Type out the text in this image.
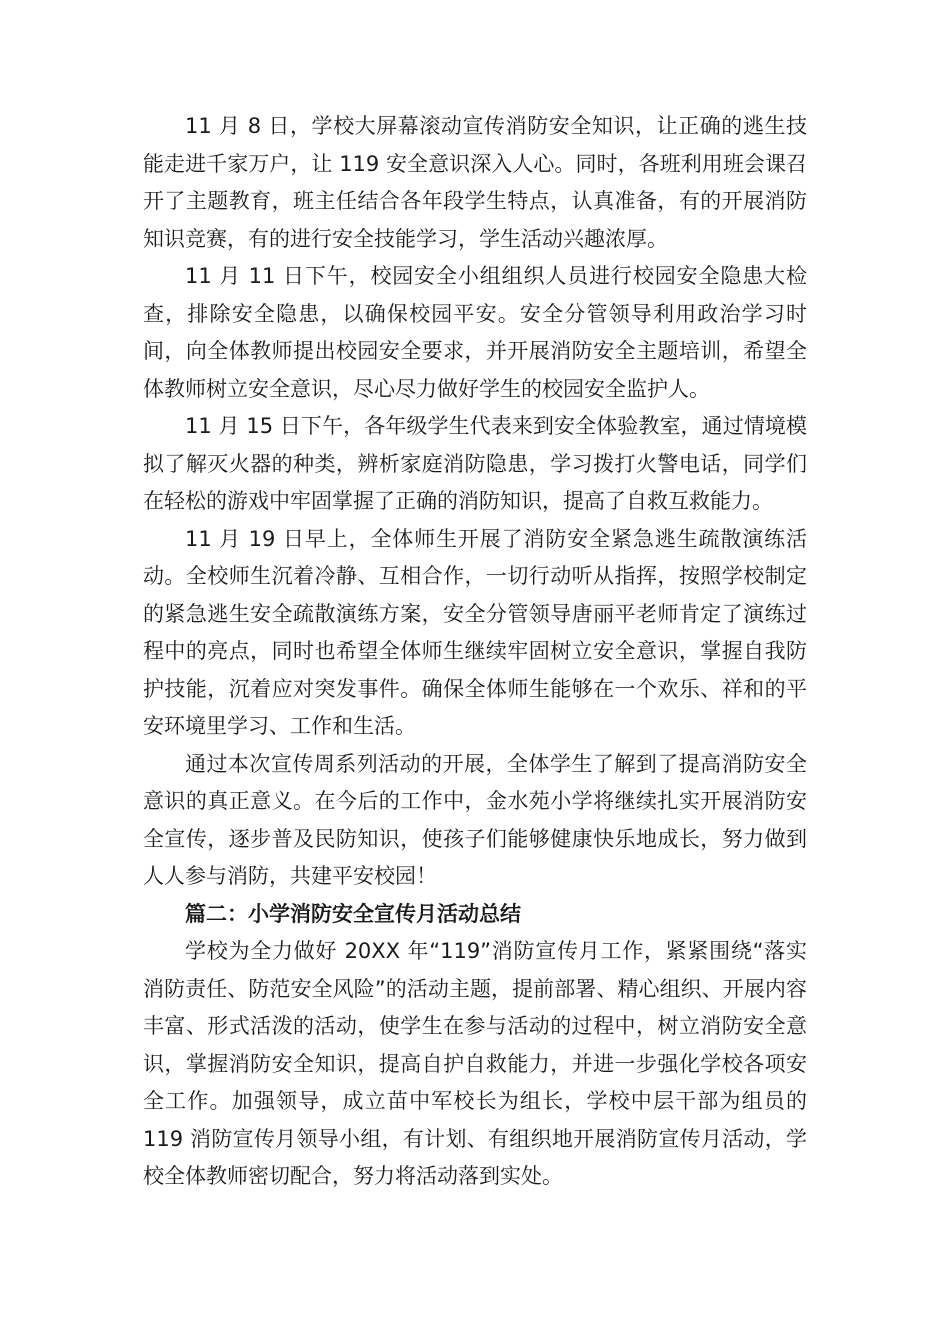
11 月 8 日，学校大屏幕滚动宣传消防安全知识，让正确的逃生技能走进千家万户，让 119 安全意识深入人心。同时，各班利用班会课召开了主题教育，班主任结合各年段学生特点，认真准备，有的开展消防知识竞赛，有的进行安全技能学习，学生活动兴趣浓厚。

11 月 11 日下午，校园安全小组组织人员进行校园安全隐患大检查，排除安全隐患，以确保校园平安。安全分管领导利用政治学习时间，向全体教师提出校园安全要求，并开展消防安全主题培训，希望全体教师树立安全意识，尽心尽力做好学生的校园安全监护人。

11 月 15 日下午，各年级学生代表来到安全体验教室，通过情境模拟了解灭火器的种类，辨析家庭消防隐患，学习拨打火警电话，同学们在轻松的游戏中牢固掌握了正确的消防知识，提高了自救互救能力。

11 月 19 日早上，全体师生开展了消防安全紧急逃生疏散演练活动。全校师生沉着冷静、互相合作，一切行动听从指挥，按照学校制定的紧急逃生安全疏散演练方案，安全分管领导唐丽平老师肯定了演练过程中的亮点，同时也希望全体师生继续牢固树立安全意识，掌握自我防护技能，沉着应对突发事件。确保全体师生能够在一个欢乐、祥和的平安环境里学习、工作和生活。

通过本次宣传周系列活动的开展，全体学生了解到了提高消防安全意识的真正意义。在今后的工作中，金水苑小学将继续扎实开展消防安全宣传，逐步普及民防知识，使孩子们能够健康快乐地成长，努力做到人人参与消防，共建平安校园！

篇二：小学消防安全宣传月活动总结

学校为全力做好 20XX 年“119”消防宣传月工作，紧紧围绕“落实消防责任、防范安全风险”的活动主题，提前部署、精心组织、开展内容丰富、形式活泼的活动，使学生在参与活动的过程中，树立消防安全意识，掌握消防安全知识，提高自护自救能力，并进一步强化学校各项安全工作。加强领导，成立苗中军校长为组长，学校中层干部为组员的 119 消防宣传月领导小组，有计划、有组织地开展消防宣传月活动，学校全体教师密切配合，努力将活动落到实处。
